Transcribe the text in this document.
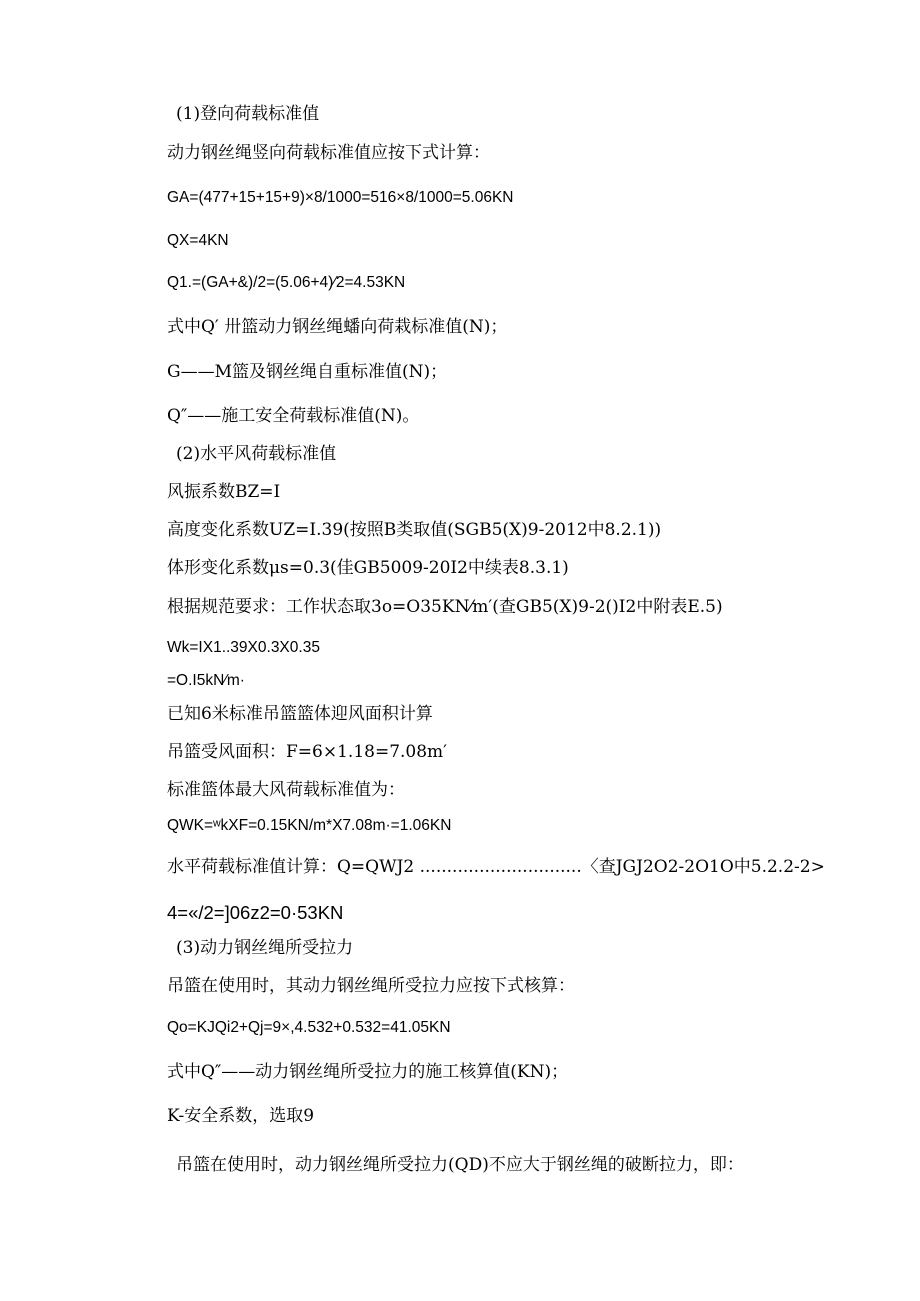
(1)登向荷载标准值
动力钢丝绳竖向荷载标准值应按下式计算：
GA=(477+15+15+9)×8/1000=516×8/1000=5.06KN
QX=4KN
Q1.=(GA+&)/2=(5.06+4)⁄2=4.53KN
式中Q′ 卅篮动力钢丝绳蟠向荷栽标准值(N)；
G——M篮及钢丝绳自重标准值(N)；
Q″——施工安全荷载标准值(N)。
(2)水平风荷载标准值
风振系数BZ=I
高度变化系数UZ=I.39(按照B类取值(SGB5(X)9-2012中8.2.1))
体形变化系数μs=0.3(佳GB5009-20I2中续表8.3.1)
根据规范要求：工作状态取3o=O35KN⁄m′(查GB5(X)9-2()I2中附表E.5)
Wk=IX1..39X0.3X0.35
=O.I5kN⁄m·
已知6米标准吊篮篮体迎风面积计算
吊篮受风面积：F=6×1.18=7.08m′
标准篮体最大风荷载标准值为：
QWK=ʷkXF=0.15KN/m*X7.08m·=1.06KN
水平荷载标准值计算：Q=QWJ2 ..............................〈查JGJ2O2-2O1O中5.2.2-2>
4=«/2=]06z2=0·53KN
(3)动力钢丝绳所受拉力
吊篮在使用时，其动力钢丝绳所受拉力应按下式核算：
Qo=KJQi2+Qj=9×,4.532+0.532=41.05KN
式中Q″——动力钢丝绳所受拉力的施工核算值(KN)；
K-安全系数，选取9
吊篮在使用时，动力钢丝绳所受拉力(QD)不应大于钢丝绳的破断拉力，即：
